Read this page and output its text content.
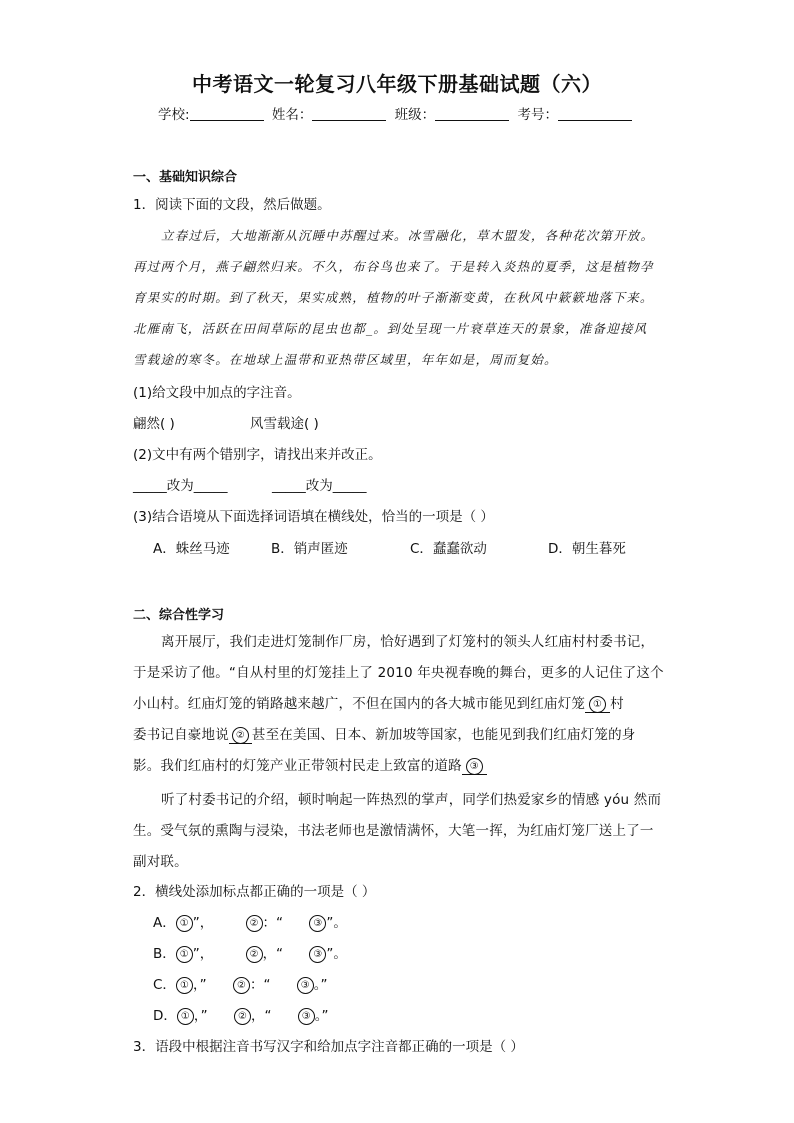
中考语文一轮复习八年级下册基础试题（六）
学校:	姓名：	班级：	考号：
一、基础知识综合
1．阅读下面的文段，然后做题。
立春过后，大地渐渐从沉睡中苏醒过来。冰雪融化，草木盟发，各种花次第开放。
再过两个月，燕子翩然归来。不久，布谷鸟也来了。于是转入炎热的夏季，这是植物孕
育果实的时期。到了秋天，果实成熟，植物的叶子渐渐变黄，在秋风中簌簌地落下来。
北雁南飞，活跃在田间草际的昆虫也都_。到处呈现一片衰草连天的景象，准备迎接风
雪载途的寒冬。在地球上温带和亚热带区域里，年年如是，周而复始。
(1)给文段中加点的字注音。
翩然( )	风雪载途( )
(2)文中有两个错别字，请找出来并改正。
_____改为_____	_____改为_____
(3)结合语境从下面选择词语填在横线处，恰当的一项是（ ）
A．蛛丝马迹	B．销声匿迹	C．蠢蠢欲动	D．朝生暮死
二、综合性学习
离开展厅，我们走进灯笼制作厂房，恰好遇到了灯笼村的领头人红庙村村委书记，
于是采访了他。“自从村里的灯笼挂上了 2010 年央视春晚的舞台，更多的人记住了这个
小山村。红庙灯笼的销路越来越广，不但在国内的各大城市能见到红庙灯笼 ① 村
委书记自豪地说 ② 甚至在美国、日本、新加坡等国家，也能见到我们红庙灯笼的身
影。我们红庙村的灯笼产业正带领村民走上致富的道路 ③
听了村委书记的介绍，顿时响起一阵热烈的掌声，同学们热爱家乡的情感 yóu 然而
生。受气氛的熏陶与浸染，书法老师也是激情满怀，大笔一挥，为红庙灯笼厂送上了一
副对联。
2．横线处添加标点都正确的一项是（ ）
A． ① ”，	② ：“	③ ”。
B． ① ”，	② ，“	③ ”。
C． ① ，”	② ：“	③ 。”
D． ① ，”	② ，“	③ 。”
3．语段中根据注音书写汉字和给加点字注音都正确的一项是（ ）
